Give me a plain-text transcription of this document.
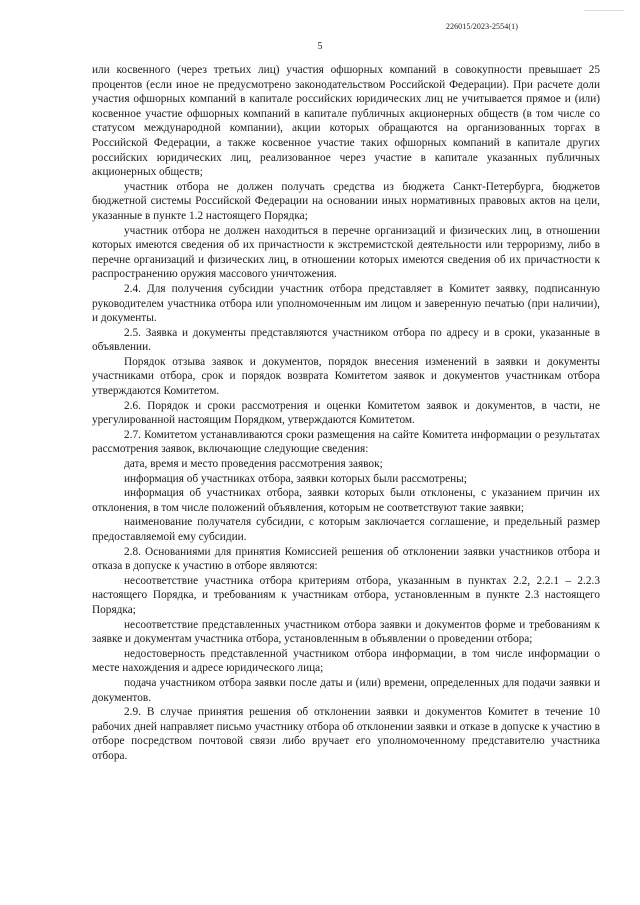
226015/2023-2554(1)
5

или косвенного (через третьих лиц) участия офшорных компаний в совокупности превышает 25 процентов (если иное не предусмотрено законодательством Российской Федерации). При расчете доли участия офшорных компаний в капитале российских юридических лиц не учитывается прямое и (или) косвенное участие офшорных компаний в капитале публичных акционерных обществ (в том числе со статусом международной компании), акции которых обращаются на организованных торгах в Российской Федерации, а также косвенное участие таких офшорных компаний в капитале других российских юридических лиц, реализованное через участие в капитале указанных публичных акционерных обществ;

участник отбора не должен получать средства из бюджета Санкт-Петербурга, бюджетов бюджетной системы Российской Федерации на основании иных нормативных правовых актов на цели, указанные в пункте 1.2 настоящего Порядка;

участник отбора не должен находиться в перечне организаций и физических лиц, в отношении которых имеются сведения об их причастности к экстремистской деятельности или терроризму, либо в перечне организаций и физических лиц, в отношении которых имеются сведения об их причастности к распространению оружия массового уничтожения.

2.4. Для получения субсидии участник отбора представляет в Комитет заявку, подписанную руководителем участника отбора или уполномоченным им лицом и заверенную печатью (при наличии), и документы.

2.5. Заявка и документы представляются участником отбора по адресу и в сроки, указанные в объявлении.

Порядок отзыва заявок и документов, порядок внесения изменений в заявки и документы участниками отбора, срок и порядок возврата Комитетом заявок и документов участникам отбора утверждаются Комитетом.

2.6. Порядок и сроки рассмотрения и оценки Комитетом заявок и документов, в части, не урегулированной настоящим Порядком, утверждаются Комитетом.

2.7. Комитетом устанавливаются сроки размещения на сайте Комитета информации о результатах рассмотрения заявок, включающие следующие сведения:

дата, время и место проведения рассмотрения заявок;

информация об участниках отбора, заявки которых были рассмотрены;

информация об участниках отбора, заявки которых были отклонены, с указанием причин их отклонения, в том числе положений объявления, которым не соответствуют такие заявки;

наименование получателя субсидии, с которым заключается соглашение, и предельный размер предоставляемой ему субсидии.

2.8. Основаниями для принятия Комиссией решения об отклонении заявки участников отбора и отказа в допуске к участию в отборе являются:

несоответствие участника отбора критериям отбора, указанным в пунктах 2.2, 2.2.1 – 2.2.3 настоящего Порядка, и требованиям к участникам отбора, установленным в пункте 2.3 настоящего Порядка;

несоответствие представленных участником отбора заявки и документов форме и требованиям к заявке и документам участника отбора, установленным в объявлении о проведении отбора;

недостоверность представленной участником отбора информации, в том числе информации о месте нахождения и адресе юридического лица;

подача участником отбора заявки после даты и (или) времени, определенных для подачи заявки и документов.

2.9. В случае принятия решения об отклонении заявки и документов Комитет в течение 10 рабочих дней направляет письмо участнику отбора об отклонении заявки и отказе в допуске к участию в отборе посредством почтовой связи либо вручает его уполномоченному представителю участника отбора.
